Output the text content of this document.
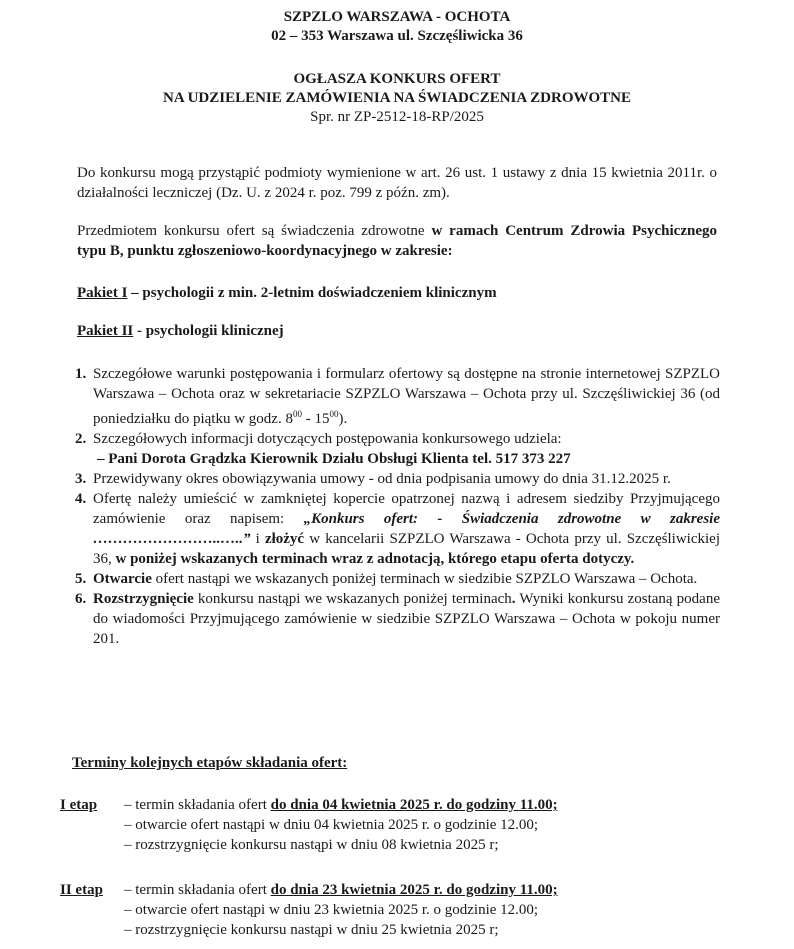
SZPZLO WARSZAWA - OCHOTA
02 – 353 Warszawa ul. Szczęśliwicka 36
OGŁASZA KONKURS OFERT
NA UDZIELENIE ZAMÓWIENIA NA ŚWIADCZENIA ZDROWOTNE
Spr. nr ZP-2512-18-RP/2025
Do konkursu mogą przystąpić podmioty wymienione w art. 26 ust. 1 ustawy z dnia 15 kwietnia 2011r. o działalności leczniczej (Dz. U. z 2024 r. poz. 799 z późn. zm).
Przedmiotem konkursu ofert są świadczenia zdrowotne w ramach Centrum Zdrowia Psychicznego typu B, punktu zgłoszeniowo-koordynacyjnego w zakresie:
Pakiet I – psychologii z min. 2-letnim doświadczeniem klinicznym
Pakiet II - psychologii klinicznej
1. Szczegółowe warunki postępowania i formularz ofertowy są dostępne na stronie internetowej SZPZLO Warszawa – Ochota oraz w sekretariacie SZPZLO Warszawa – Ochota przy ul. Szczęśliwickiej 36 (od poniedziałku do piątku w godz. $8^{00} - 15^{00}$).
2. Szczegółowych informacji dotyczących postępowania konkursowego udziela:
– Pani Dorota Grądzka Kierownik Działu Obsługi Klienta tel. 517 373 227
3. Przewidywany okres obowiązywania umowy - od dnia podpisania umowy do dnia 31.12.2025 r.
4. Ofertę należy umieścić w zamkniętej kopercie opatrzonej nazwą i adresem siedziby Przyjmującego zamówienie oraz napisem: „Konkurs ofert: - Świadczenia zdrowotne w zakresie ……………………..…..” i złożyć w kancelarii SZPZLO Warszawa - Ochota przy ul. Szczęśliwickiej 36, w poniżej wskazanych terminach wraz z adnotacją, którego etapu oferta dotyczy.
5. Otwarcie ofert nastąpi we wskazanych poniżej terminach w siedzibie SZPZLO Warszawa – Ochota.
6. Rozstrzygnięcie konkursu nastąpi we wskazanych poniżej terminach. Wyniki konkursu zostaną podane do wiadomości Przyjmującego zamówienie w siedzibie SZPZLO Warszawa – Ochota w pokoju numer 201.
Terminy kolejnych etapów składania ofert:
I etap	– termin składania ofert do dnia 04 kwietnia 2025 r. do godziny 11.00;
– otwarcie ofert nastąpi w dniu 04 kwietnia 2025 r. o godzinie 12.00;
– rozstrzygnięcie konkursu nastąpi w dniu 08 kwietnia 2025 r;
II etap	– termin składania ofert do dnia 23 kwietnia 2025 r. do godziny 11.00;
– otwarcie ofert nastąpi w dniu 23 kwietnia 2025 r. o godzinie 12.00;
– rozstrzygnięcie konkursu nastąpi w dniu 25 kwietnia 2025 r;
